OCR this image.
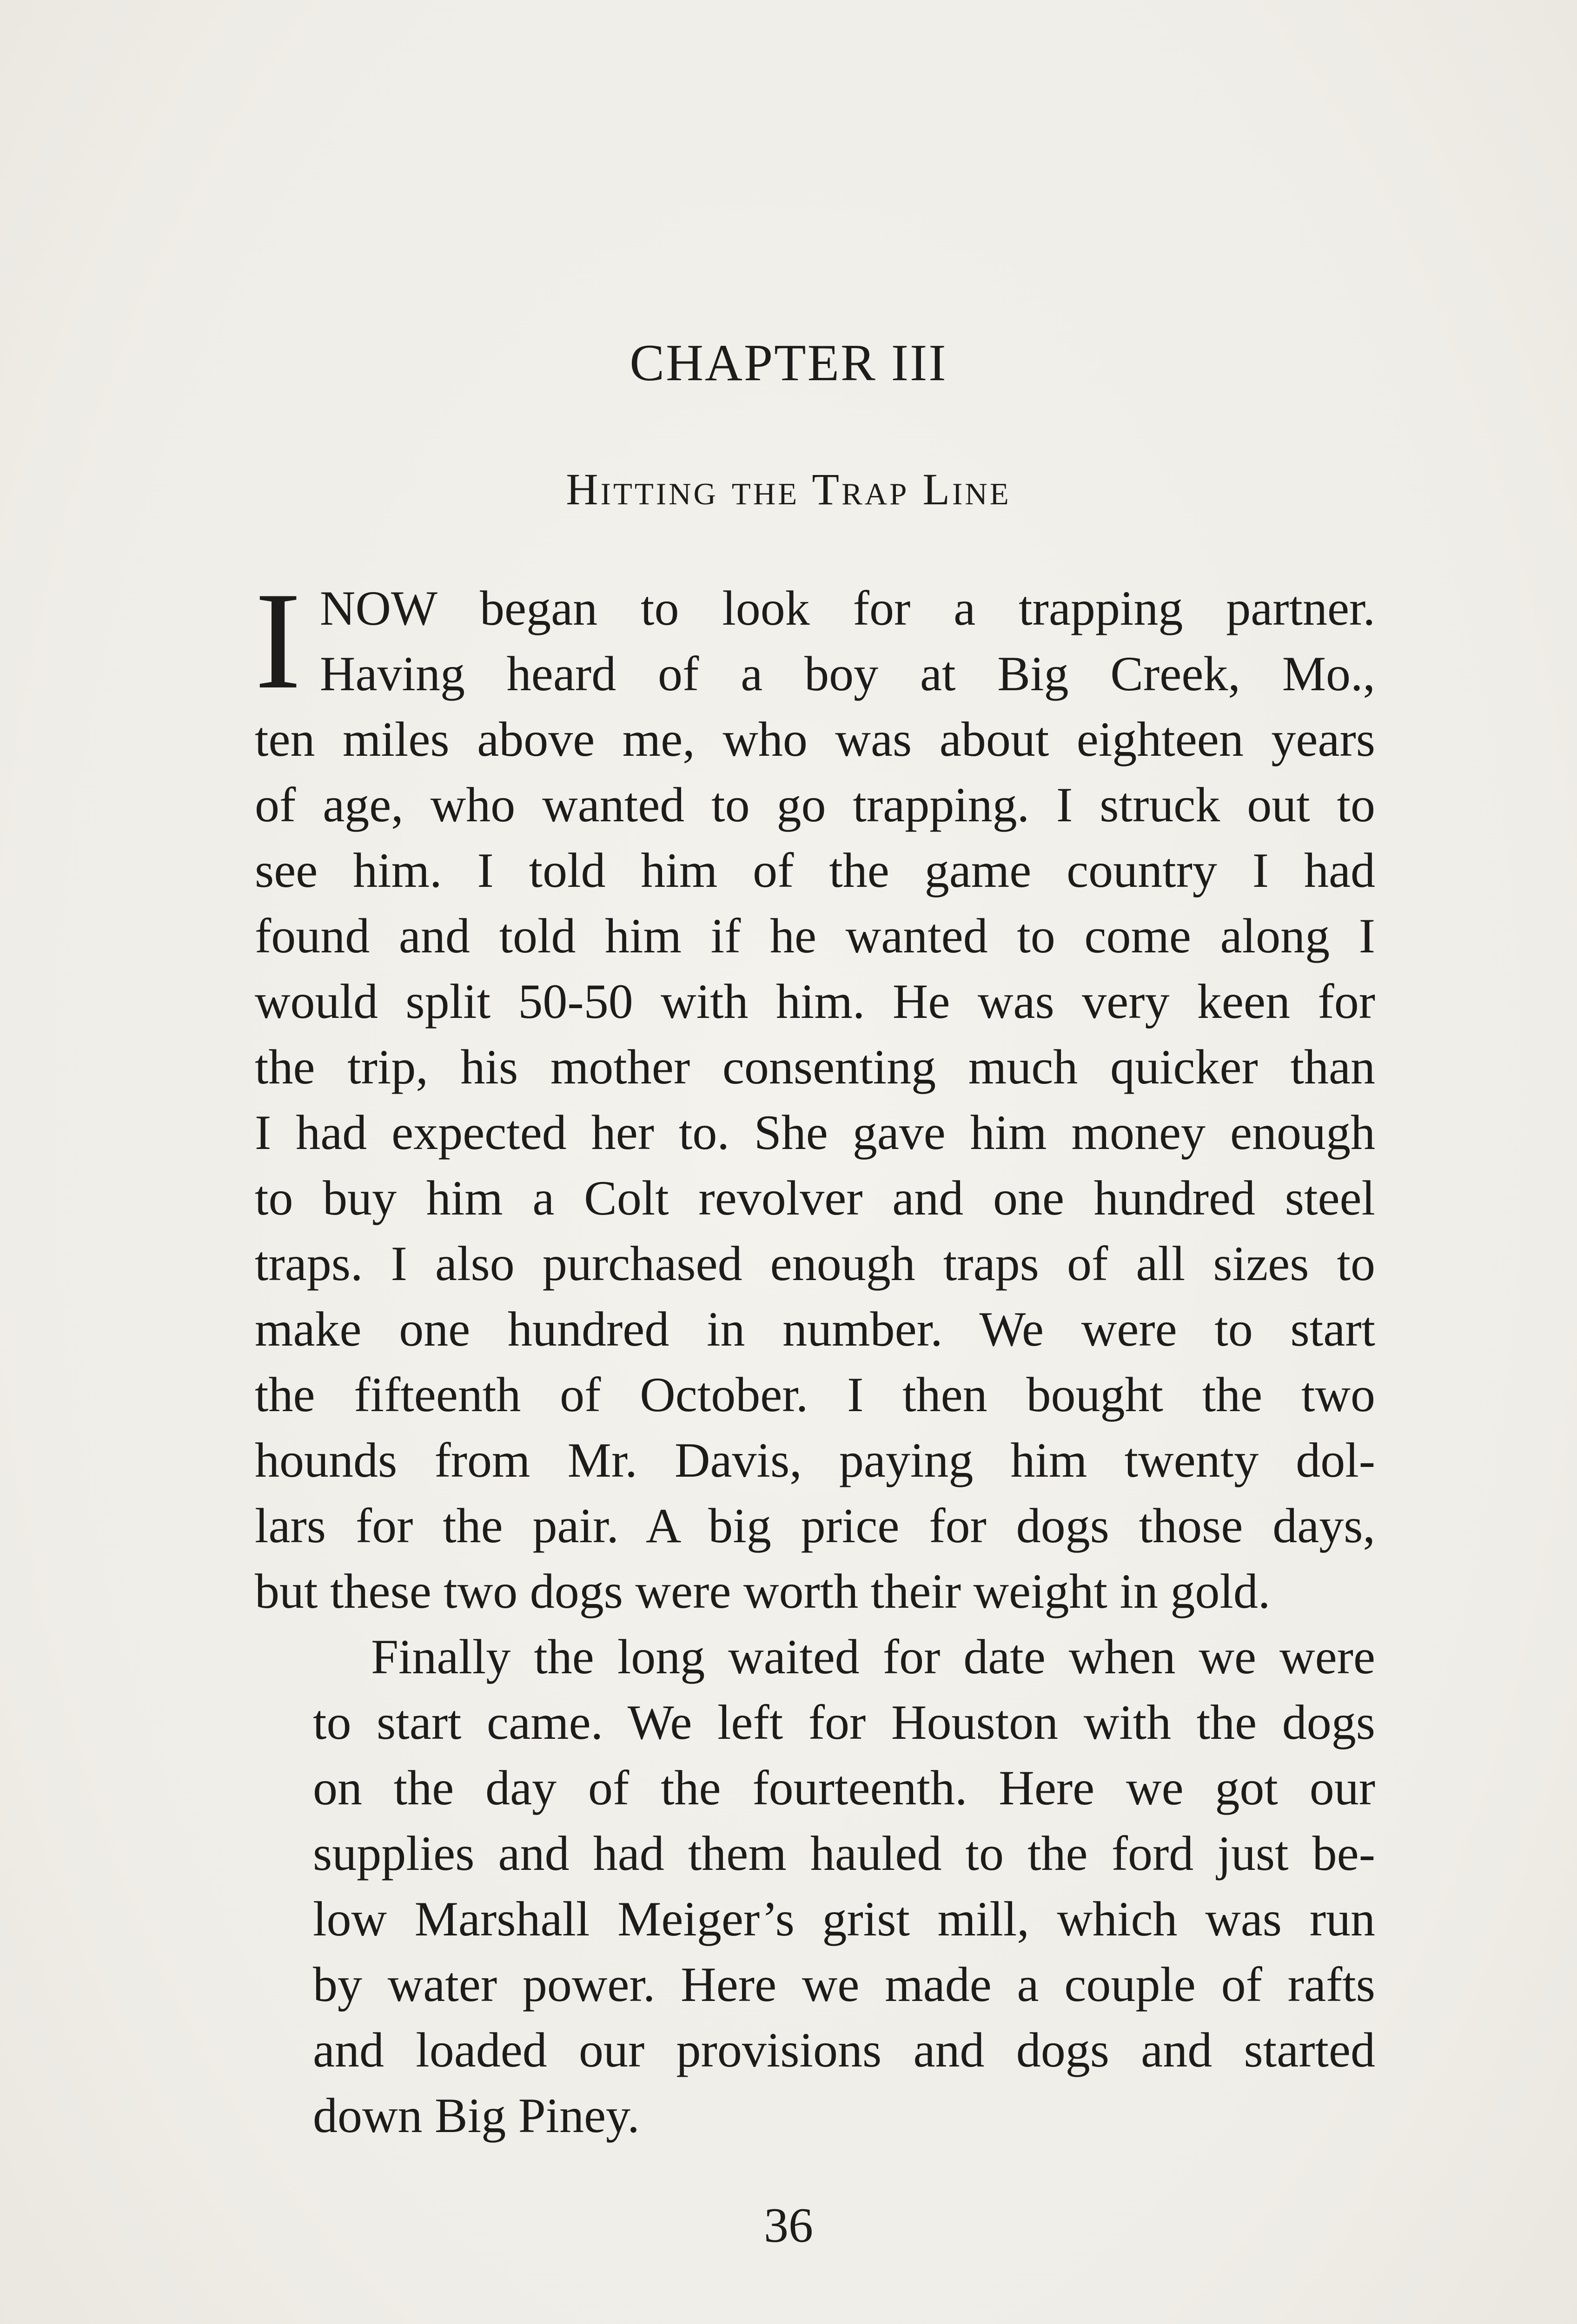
CHAPTER III
Hitting the Trap Line

I NOW began to look for a trapping partner.
Having heard of a boy at Big Creek, Mo.,
ten miles above me, who was about eighteen years
of age, who wanted to go trapping. I struck out to
see him. I told him of the game country I had
found and told him if he wanted to come along I
would split 50-50 with him. He was very keen for
the trip, his mother consenting much quicker than
I had expected her to. She gave him money enough
to buy him a Colt revolver and one hundred steel
traps. I also purchased enough traps of all sizes to
make one hundred in number. We were to start
the fifteenth of October. I then bought the two
hounds from Mr. Davis, paying him twenty dol-
lars for the pair. A big price for dogs those days,
but these two dogs were worth their weight in gold.

Finally the long waited for date when we were
to start came. We left for Houston with the dogs
on the day of the fourteenth. Here we got our
supplies and had them hauled to the ford just be-
low Marshall Meiger’s grist mill, which was run
by water power. Here we made a couple of rafts
and loaded our provisions and dogs and started
down Big Piney.

36
